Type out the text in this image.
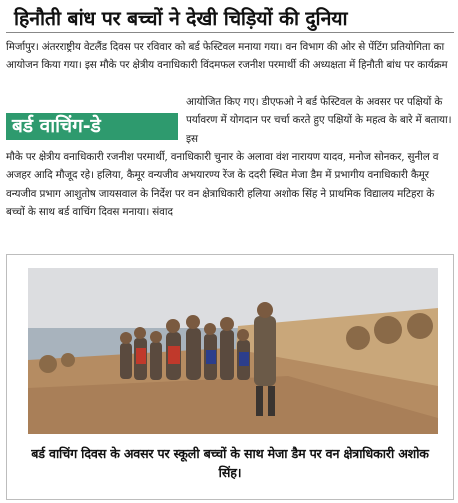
हिनौती बांध पर बच्चों ने देखी चिड़ियों की दुनिया

मिर्जापुर। अंतरराष्ट्रीय वेटलैंड दिवस पर रविवार को बर्ड फेस्टिवल मनाया गया। वन विभाग की ओर से पेंटिंग प्रतियोगिता का आयोजन किया गया। इस मौके पर क्षेत्रीय वनाधिकारी विंदमफल रजनीश परमार्थी की अध्यक्षता में हिनौती बांध पर कार्यक्रम

बर्ड वाचिंग-डे

आयोजित किए गए। डीएफओ ने बर्ड फेस्टिवल के अवसर पर पक्षियों के पर्यावरण में योगदान पर चर्चा करते हुए पक्षियों के महत्व के बारे में बताया। इस

मौके पर क्षेत्रीय वनाधिकारी रजनीश परमार्थी, वनाधिकारी चुनार के अलावा वंश नारायण यादव, मनोज सोनकर, सुनील व अजहर आदि मौजूद रहे। हलिया, कैमूर वन्यजीव अभयारण्य रेंज के ददरी स्थित मेजा डैम में प्रभागीय वनाधिकारी कैमूर वन्यजीव प्रभाग आशुतोष जायसवाल के निर्देश पर वन क्षेत्राधिकारी हलिया अशोक सिंह ने प्राथमिक विद्यालय मटिहरा के बच्चों के साथ बर्ड वाचिंग दिवस मनाया। संवाद

बर्ड वाचिंग दिवस के अवसर पर स्कूली बच्चों के साथ मेजा डैम पर वन क्षेत्राधिकारी अशोक सिंह।
